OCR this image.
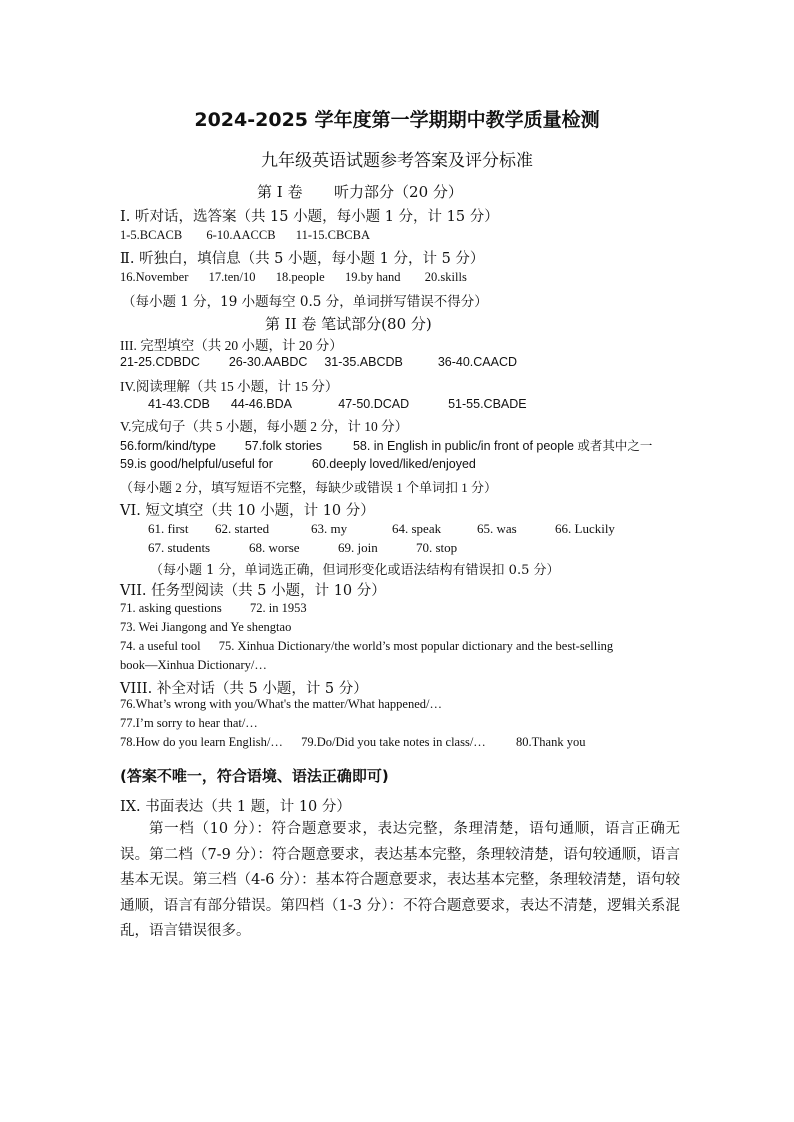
2024-2025 学年度第一学期期中教学质量检测
九年级英语试题参考答案及评分标准
第 I 卷 听力部分（20 分）
I. 听对话，选答案（共 15 小题，每小题 1 分，计 15 分）
1-5.BCACB 6-10.AACCB 11-15.CBCBA
Ⅱ. 听独白，填信息（共 5 小题，每小题 1 分，计 5 分）
16.November 17.ten/10 18.people 19.by hand 20.skills
（每小题 1 分，19 小题每空 0.5 分，单词拼写错误不得分）
第 II 卷 笔试部分(80 分)
III. 完型填空（共 20 小题，计 20 分）
21-25.CDBDC 26-30.AABDC 31-35.ABCDB	36-40.CAACD
IV.阅读理解（共 15 小题，计 15 分）
41-43.CDB 44-46.BDA	47-50.DCAD	51-55.CBADE
V.完成句子（共 5 小题，每小题 2 分，计 10 分）
56.form/kind/type 57.folk stories 58. in English in public/in front of people 或者其中之一
59.is good/helpful/useful for	60.deeply loved/liked/enjoyed
（每小题 2 分，填写短语不完整，每缺少或错误 1 个单词扣 1 分）
VI. 短文填空（共 10 小题，计 10 分）
61. first 62. started	63. my	64. speak	65. was	66. Luckily
67. students	68. worse	69. join	70. stop
（每小题 1 分，单词选正确，但词形变化或语法结构有错误扣 0.5 分）
VII. 任务型阅读（共 5 小题，计 10 分）
71. asking questions 72. in 1953
73. Wei Jiangong and Ye shengtao
74. a useful tool 75. Xinhua Dictionary/the world’s most popular dictionary and the best-selling
book—Xinhua Dictionary/…
VIII. 补全对话（共 5 小题，计 5 分）
76.What’s wrong with you/What's the matter/What happened/…
77.I’m sorry to hear that/…
78.How do you learn English/… 79.Do/Did you take notes in class/… 80.Thank you
(答案不唯一，符合语境、语法正确即可)
IX. 书面表达（共 1 题，计 10 分）
第一档（10 分）：符合题意要求，表达完整，条理清楚，语句通顺，语言正确无误。第二档（7-9 分）：符合题意要求，表达基本完整，条理较清楚，语句较通顺，语言基本无误。第三档（4-6 分）：基本符合题意要求，表达基本完整，条理较清楚，语句较通顺，语言有部分错误。第四档（1-3 分）：不符合题意要求，表达不清楚，逻辑关系混乱，语言错误很多。
